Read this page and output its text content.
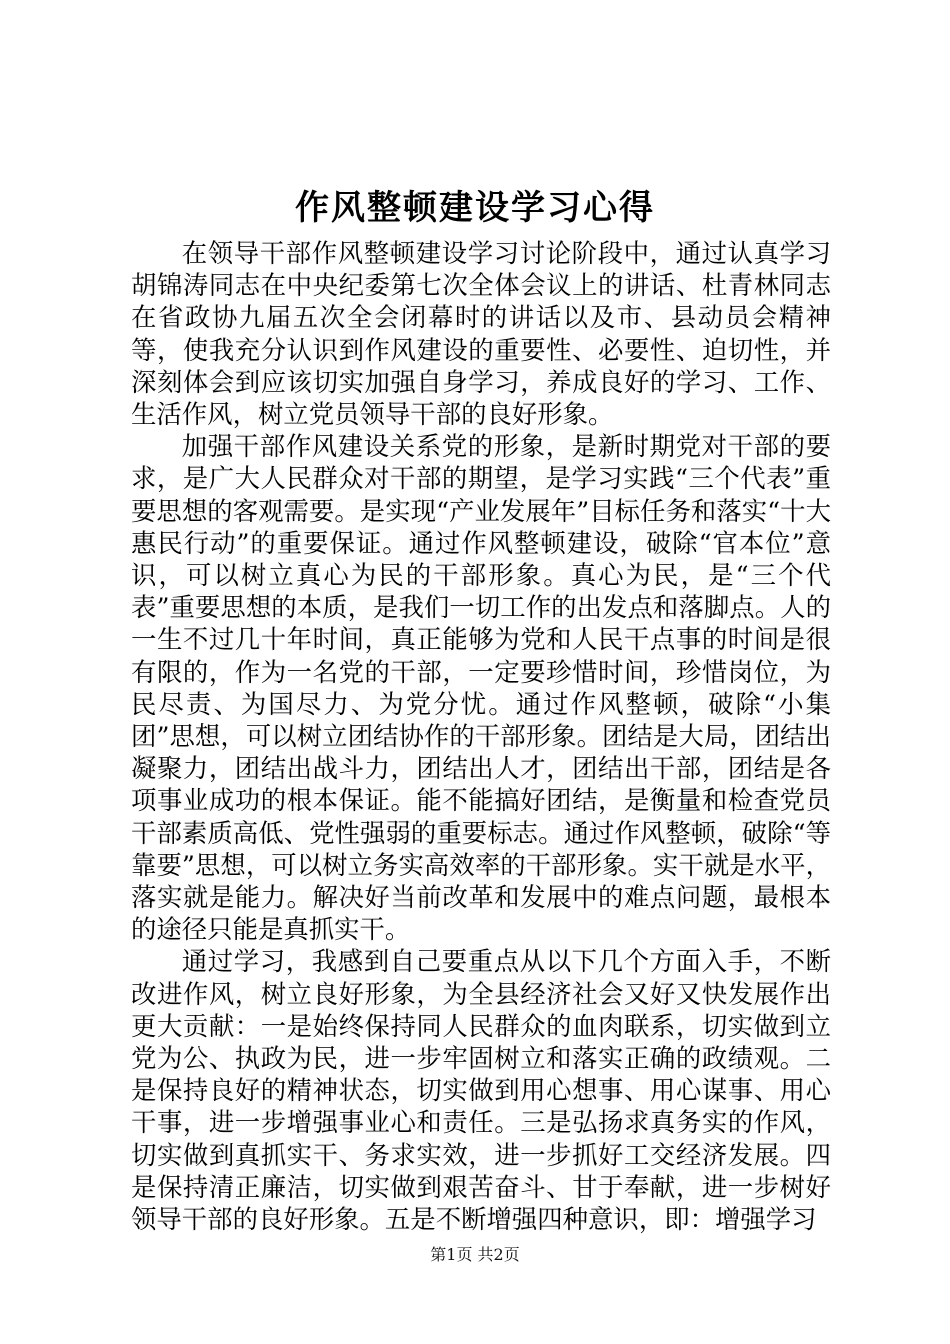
作风整顿建设学习心得

在领导干部作风整顿建设学习讨论阶段中，通过认真学习胡锦涛同志在中央纪委第七次全体会议上的讲话、杜青林同志在省政协九届五次全会闭幕时的讲话以及市、县动员会精神等，使我充分认识到作风建设的重要性、必要性、迫切性，并深刻体会到应该切实加强自身学习，养成良好的学习、工作、生活作风，树立党员领导干部的良好形象。

加强干部作风建设关系党的形象，是新时期党对干部的要求，是广大人民群众对干部的期望，是学习实践“三个代表”重要思想的客观需要。是实现“产业发展年”目标任务和落实“十大惠民行动”的重要保证。通过作风整顿建设，破除“官本位”意识，可以树立真心为民的干部形象。真心为民，是“三个代表”重要思想的本质，是我们一切工作的出发点和落脚点。人的一生不过几十年时间，真正能够为党和人民干点事的时间是很有限的，作为一名党的干部，一定要珍惜时间，珍惜岗位，为民尽责、为国尽力、为党分忧。通过作风整顿，破除“小集团”思想，可以树立团结协作的干部形象。团结是大局，团结出凝聚力，团结出战斗力，团结出人才，团结出干部，团结是各项事业成功的根本保证。能不能搞好团结，是衡量和检查党员干部素质高低、党性强弱的重要标志。通过作风整顿，破除“等靠要”思想，可以树立务实高效率的干部形象。实干就是水平，落实就是能力。解决好当前改革和发展中的难点问题，最根本的途径只能是真抓实干。

通过学习，我感到自己要重点从以下几个方面入手，不断改进作风，树立良好形象，为全县经济社会又好又快发展作出更大贡献：一是始终保持同人民群众的血肉联系，切实做到立党为公、执政为民，进一步牢固树立和落实正确的政绩观。二是保持良好的精神状态，切实做到用心想事、用心谋事、用心干事，进一步增强事业心和责任。三是弘扬求真务实的作风，切实做到真抓实干、务求实效，进一步抓好工交经济发展。四是保持清正廉洁，切实做到艰苦奋斗、甘于奉献，进一步树好领导干部的良好形象。五是不断增强四种意识，即：增强学习

第1页 共2页
